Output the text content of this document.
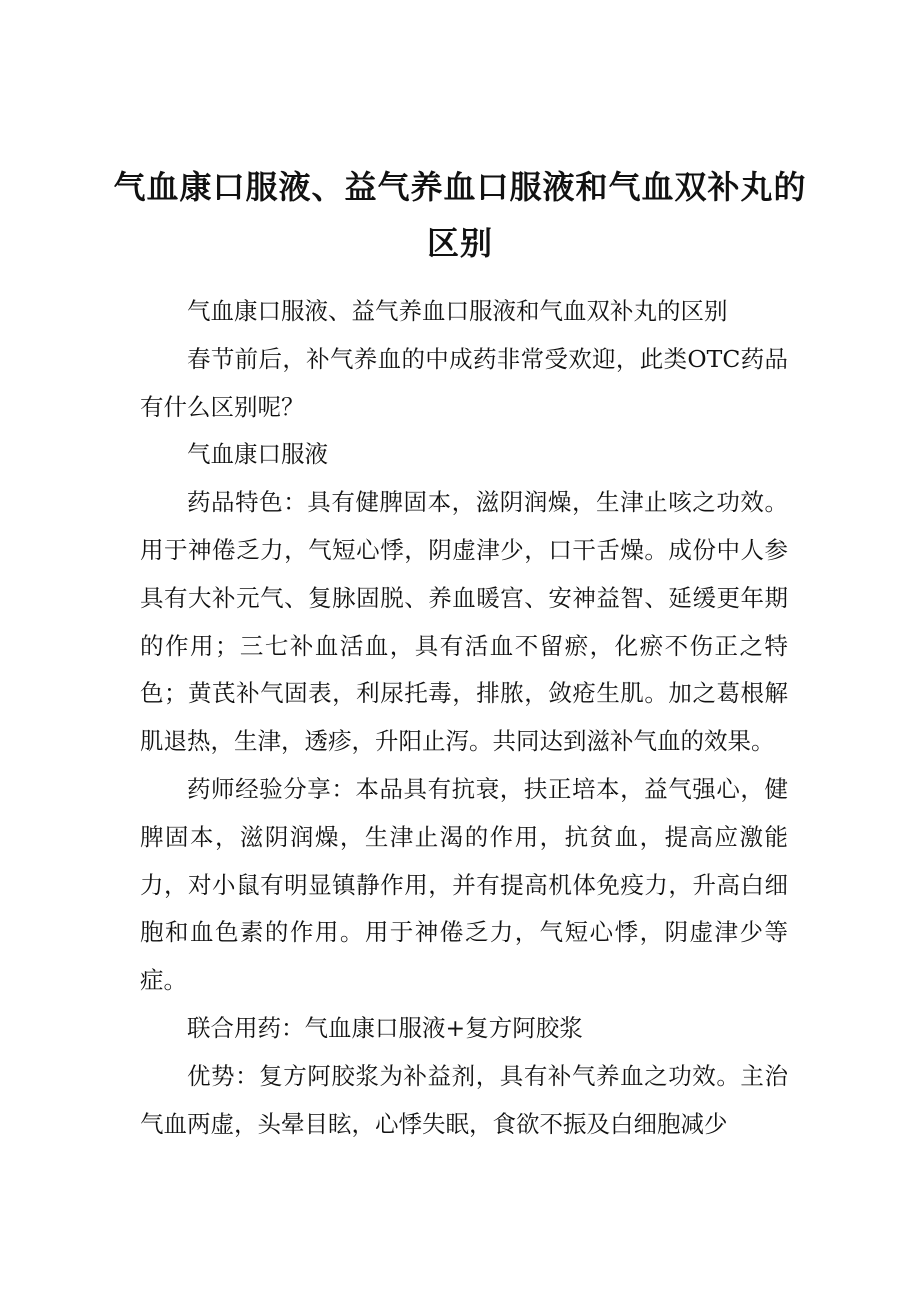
气血康口服液、益气养血口服液和气血双补丸的区别

气血康口服液、益气养血口服液和气血双补丸的区别

春节前后，补气养血的中成药非常受欢迎，此类OTC药品有什么区别呢？

气血康口服液

药品特色：具有健脾固本，滋阴润燥，生津止咳之功效。用于神倦乏力，气短心悸，阴虚津少，口干舌燥。成份中人参具有大补元气、复脉固脱、养血暖宫、安神益智、延缓更年期的作用；三七补血活血，具有活血不留瘀，化瘀不伤正之特色；黄芪补气固表，利尿托毒，排脓，敛疮生肌。加之葛根解肌退热，生津，透疹，升阳止泻。共同达到滋补气血的效果。

药师经验分享：本品具有抗衰，扶正培本，益气强心，健脾固本，滋阴润燥，生津止渴的作用，抗贫血，提高应激能力，对小鼠有明显镇静作用，并有提高机体免疫力，升高白细胞和血色素的作用。用于神倦乏力，气短心悸，阴虚津少等症。

联合用药：气血康口服液+复方阿胶浆

优势：复方阿胶浆为补益剂，具有补气养血之功效。主治气血两虚，头晕目眩，心悸失眠，食欲不振及白细胞减少
